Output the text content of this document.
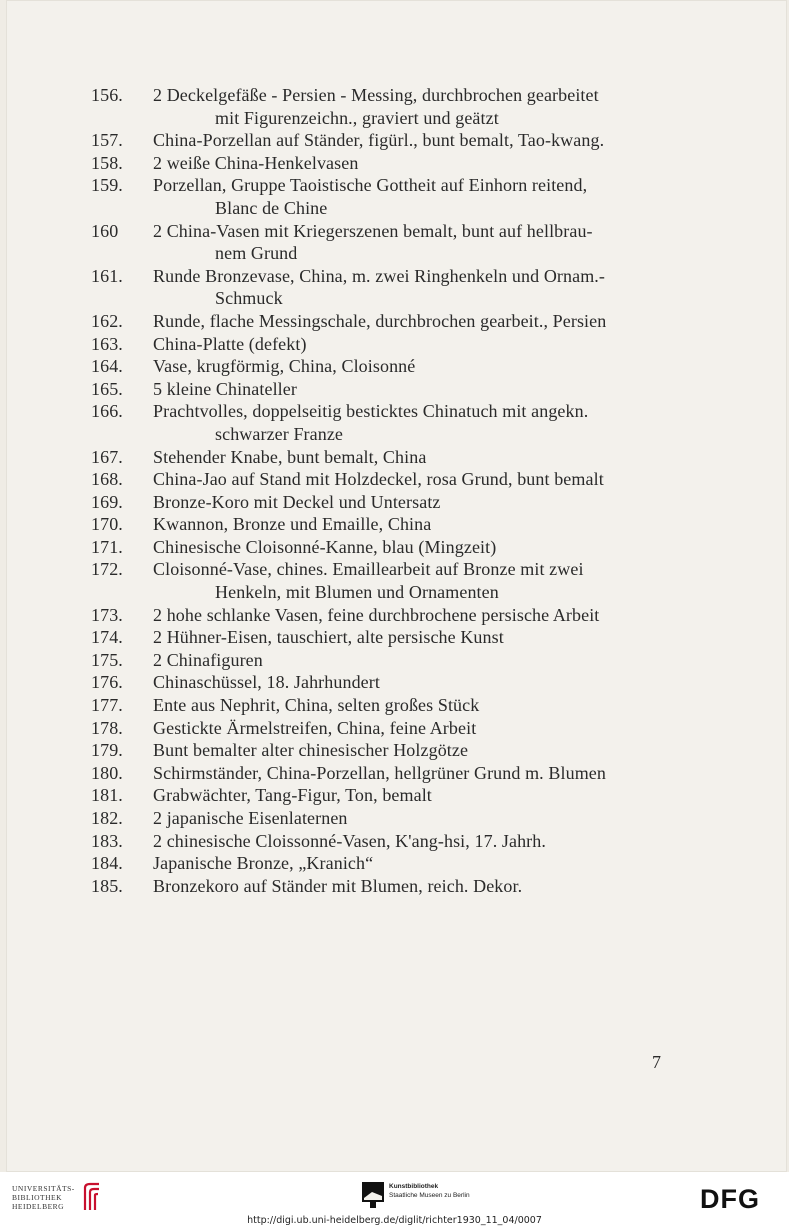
156.	2 Deckelgefäße - Persien - Messing, durchbrochen gearbeitet
mit Figurenzeichn., graviert und geätzt
157.	China-Porzellan auf Ständer, figürl., bunt bemalt, Tao-kwang.
158.	2 weiße China-Henkelvasen
159.	Porzellan, Gruppe Taoistische Gottheit auf Einhorn reitend,
Blanc de Chine
160	2 China-Vasen mit Kriegerszenen bemalt, bunt auf hellbrau-
nem Grund
161.	Runde Bronzevase, China, m. zwei Ringhenkeln und Ornam.-
Schmuck
162.	Runde, flache Messingschale, durchbrochen gearbeit., Persien
163.	China-Platte (defekt)
164.	Vase, krugförmig, China, Cloisonné
165.	5 kleine Chinateller
166.	Prachtvolles, doppelseitig besticktes Chinatuch mit angekn.
schwarzer Franze
167.	Stehender Knabe, bunt bemalt, China
168.	China-Jao auf Stand mit Holzdeckel, rosa Grund, bunt bemalt
169.	Bronze-Koro mit Deckel und Untersatz
170.	Kwannon, Bronze und Emaille, China
171.	Chinesische Cloisonné-Kanne, blau (Mingzeit)
172.	Cloisonné-Vase, chines. Emaillearbeit auf Bronze mit zwei
Henkeln, mit Blumen und Ornamenten
173.	2 hohe schlanke Vasen, feine durchbrochene persische Arbeit
174.	2 Hühner-Eisen, tauschiert, alte persische Kunst
175.	2 Chinafiguren
176.	Chinaschüssel, 18. Jahrhundert
177.	Ente aus Nephrit, China, selten großes Stück
178.	Gestickte Ärmelstreifen, China, feine Arbeit
179.	Bunt bemalter alter chinesischer Holzgötze
180.	Schirmständer, China-Porzellan, hellgrüner Grund m. Blumen
181.	Grabwächter, Tang-Figur, Ton, bemalt
182.	2 japanische Eisenlaternen
183.	2 chinesische Cloissonné-Vasen, K'ang-hsi, 17. Jahrh.
184.	Japanische Bronze, „Kranich“
185.	Bronzekoro auf Ständer mit Blumen, reich. Dekor.
7
UNIVERSITÄTS-
BIBLIOTHEK
HEIDELBERG
Kunstbibliothek
Staatliche Museen zu Berlin	DFG
http://digi.ub.uni-heidelberg.de/diglit/richter1930_11_04/0007
